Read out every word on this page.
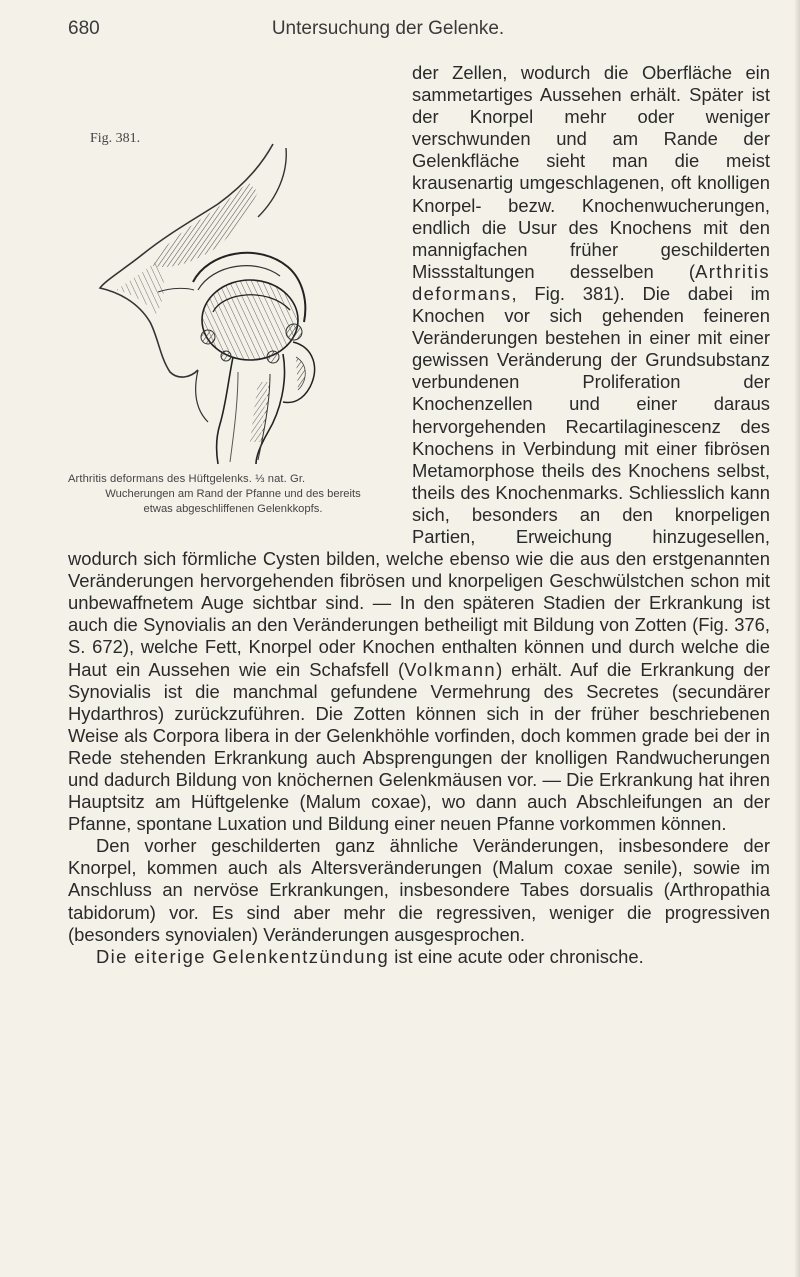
680	Untersuchung der Gelenke.
Fig. 381.
Arthritis deformans des Hüftgelenks. ⅓ nat. Gr.
Wucherungen am Rand der Pfanne und des bereits
etwas abgeschliffenen Gelenkkopfs.

der Zellen, wodurch die Oberfläche ein sammetartiges Aussehen erhält. Später ist der Knorpel mehr oder weniger verschwunden und am Rande der Gelenkfläche sieht man die meist krausenartig umgeschlagenen, oft knolligen Knorpel- bezw. Knochenwucherungen, endlich die Usur des Knochens mit den mannigfachen früher geschilderten Missstaltungen desselben (Arthritis deformans, Fig. 381). Die dabei im Knochen vor sich gehenden feineren Veränderungen bestehen in einer mit einer gewissen Veränderung der Grundsubstanz verbundenen Proliferation der Knochenzellen und einer daraus hervorgehenden Recartilaginescenz des Knochens in Verbindung mit einer fibrösen Metamorphose theils des Knochens selbst, theils des Knochenmarks. Schliesslich kann sich, besonders an den knorpeligen Partien, Erweichung hinzugesellen, wodurch sich förmliche Cysten bilden, welche ebenso wie die aus den erstgenannten Veränderungen hervorgehenden fibrösen und knorpeligen Geschwülstchen schon mit unbewaffnetem Auge sichtbar sind. — In den späteren Stadien der Erkrankung ist auch die Synovialis an den Veränderungen betheiligt mit Bildung von Zotten (Fig. 376, S. 672), welche Fett, Knorpel oder Knochen enthalten können und durch welche die Haut ein Aussehen wie ein Schafsfell (Volkmann) erhält. Auf die Erkrankung der Synovialis ist die manchmal gefundene Vermehrung des Secretes (secundärer Hydarthros) zurückzuführen. Die Zotten können sich in der früher beschriebenen Weise als Corpora libera in der Gelenkhöhle vorfinden, doch kommen grade bei der in Rede stehenden Erkrankung auch Absprengungen der knolligen Randwucherungen und dadurch Bildung von knöchernen Gelenkmäusen vor. — Die Erkrankung hat ihren Hauptsitz am Hüftgelenke (Malum coxae), wo dann auch Abschleifungen an der Pfanne, spontane Luxation und Bildung einer neuen Pfanne vorkommen können.

Den vorher geschilderten ganz ähnliche Veränderungen, insbesondere der Knorpel, kommen auch als Altersveränderungen (Malum coxae senile), sowie im Anschluss an nervöse Erkrankungen, insbesondere Tabes dorsualis (Arthropathia tabidorum) vor. Es sind aber mehr die regressiven, weniger die progressiven (besonders synovialen) Veränderungen ausgesprochen.

Die eiterige Gelenkentzündung ist eine acute oder chronische.
